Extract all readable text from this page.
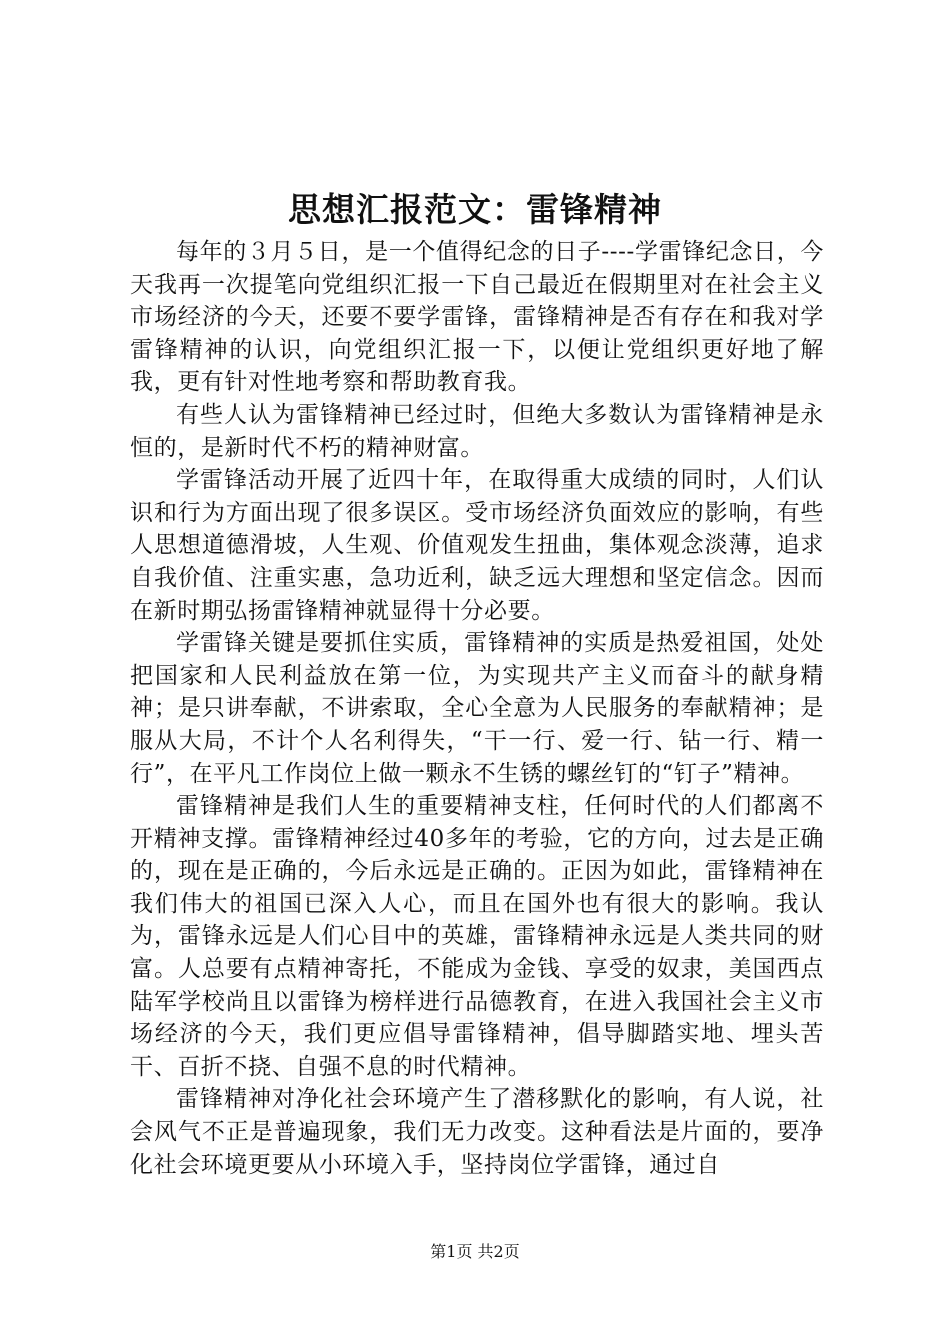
思想汇报范文：雷锋精神

每年的３月５日，是一个值得纪念的日子----学雷锋纪念日，今天我再一次提笔向党组织汇报一下自己最近在假期里对在社会主义市场经济的今天，还要不要学雷锋，雷锋精神是否有存在和我对学雷锋精神的认识，向党组织汇报一下，以便让党组织更好地了解我，更有针对性地考察和帮助教育我。

有些人认为雷锋精神已经过时，但绝大多数认为雷锋精神是永恒的，是新时代不朽的精神财富。

学雷锋活动开展了近四十年，在取得重大成绩的同时，人们认识和行为方面出现了很多误区。受市场经济负面效应的影响，有些人思想道德滑坡，人生观、价值观发生扭曲，集体观念淡薄，追求自我价值、注重实惠，急功近利，缺乏远大理想和坚定信念。因而在新时期弘扬雷锋精神就显得十分必要。

学雷锋关键是要抓住实质，雷锋精神的实质是热爱祖国，处处把国家和人民利益放在第一位，为实现共产主义而奋斗的献身精神；是只讲奉献，不讲索取，全心全意为人民服务的奉献精神；是服从大局，不计个人名利得失，“干一行、爱一行、钻一行、精一行”，在平凡工作岗位上做一颗永不生锈的螺丝钉的“钉子”精神。

雷锋精神是我们人生的重要精神支柱，任何时代的人们都离不开精神支撑。雷锋精神经过40多年的考验，它的方向，过去是正确的，现在是正确的，今后永远是正确的。正因为如此，雷锋精神在我们伟大的祖国已深入人心，而且在国外也有很大的影响。我认为，雷锋永远是人们心目中的英雄，雷锋精神永远是人类共同的财富。人总要有点精神寄托，不能成为金钱、享受的奴隶，美国西点陆军学校尚且以雷锋为榜样进行品德教育，在进入我国社会主义市场经济的今天，我们更应倡导雷锋精神，倡导脚踏实地、埋头苦干、百折不挠、自强不息的时代精神。

雷锋精神对净化社会环境产生了潜移默化的影响，有人说，社会风气不正是普遍现象，我们无力改变。这种看法是片面的，要净化社会环境更要从小环境入手，坚持岗位学雷锋，通过自

第1页 共2页
